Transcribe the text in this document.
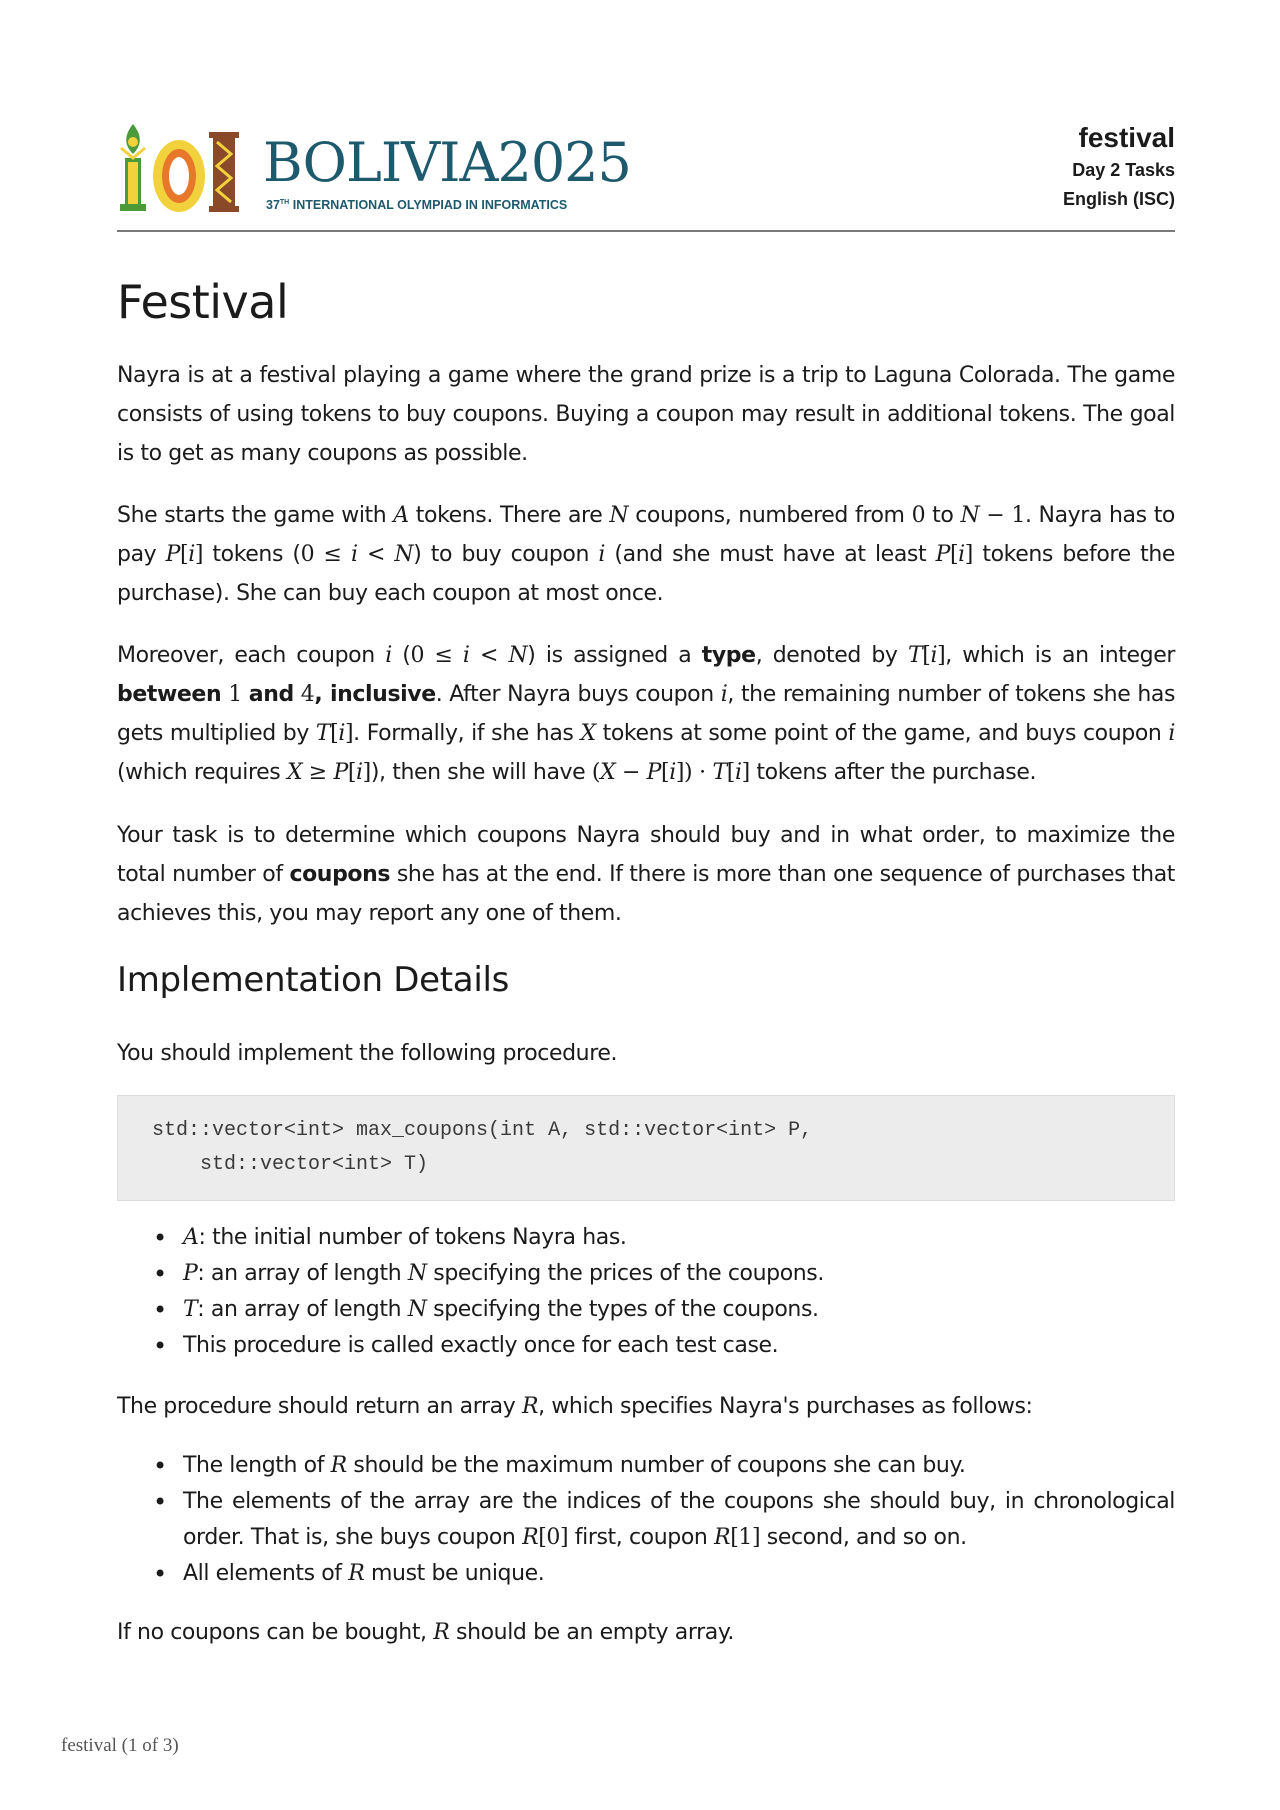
BOLIVIA2025
37TH INTERNATIONAL OLYMPIAD IN INFORMATICS
festival
Day 2 Tasks
English (ISC)
Festival

Nayra is at a festival playing a game where the grand prize is a trip to Laguna Colorada. The game consists of using tokens to buy coupons. Buying a coupon may result in additional tokens. The goal is to get as many coupons as possible.

She starts the game with A tokens. There are N coupons, numbered from 0 to N − 1. Nayra has to pay P[i] tokens (0 ≤ i < N) to buy coupon i (and she must have at least P[i] tokens before the purchase). She can buy each coupon at most once.

Moreover, each coupon i (0 ≤ i < N) is assigned a type, denoted by T[i], which is an integer between 1 and 4, inclusive. After Nayra buys coupon i, the remaining number of tokens she has gets multiplied by T[i]. Formally, if she has X tokens at some point of the game, and buys coupon i (which requires X ≥ P[i]), then she will have (X − P[i]) ⋅ T[i] tokens after the purchase.

Your task is to determine which coupons Nayra should buy and in what order, to maximize the total number of coupons she has at the end. If there is more than one sequence of purchases that achieves this, you may report any one of them.

Implementation Details

You should implement the following procedure.

std::vector<int> max_coupons(int A, std::vector<int> P,
std::vector<int> T)
• A: the initial number of tokens Nayra has.
• P: an array of length N specifying the prices of the coupons.
• T: an array of length N specifying the types of the coupons.
• This procedure is called exactly once for each test case.

The procedure should return an array R, which specifies Nayra's purchases as follows:

• The length of R should be the maximum number of coupons she can buy.
• The elements of the array are the indices of the coupons she should buy, in chronological order. That is, she buys coupon R[0] first, coupon R[1] second, and so on.
• All elements of R must be unique.

If no coupons can be bought, R should be an empty array.

festival (1 of 3)
